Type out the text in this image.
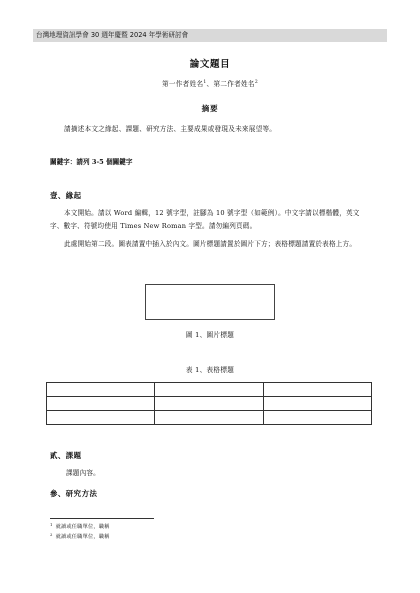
台灣地理資訊學會 30 週年慶暨 2024 年學術研討會
論文題目
第一作者姓名$^1$、第二作者姓名$^2$
摘要
請摘述本文之緣起、課題、研究方法、主要成果或發現及未來展望等。
關鍵字：請列 3-5 個關鍵字
壹、緣起
本文開始。請以 Word 編輯，12 號字型，註腳為 10 號字型（如範例）。中文字請以標楷體，英文字、數字、符號均使用 Times New Roman 字型。請勿編列頁碼。
此處開始第二段。圖表請置中插入於內文。圖片標題請置於圖片下方；表格標題請置於表格上方。
圖 1、圖片標題
表 1、表格標題

貳、課題
課題內容。
參、研究方法
$^1$ 就讀或任職單位，職稱
$^2$ 就讀或任職單位，職稱
